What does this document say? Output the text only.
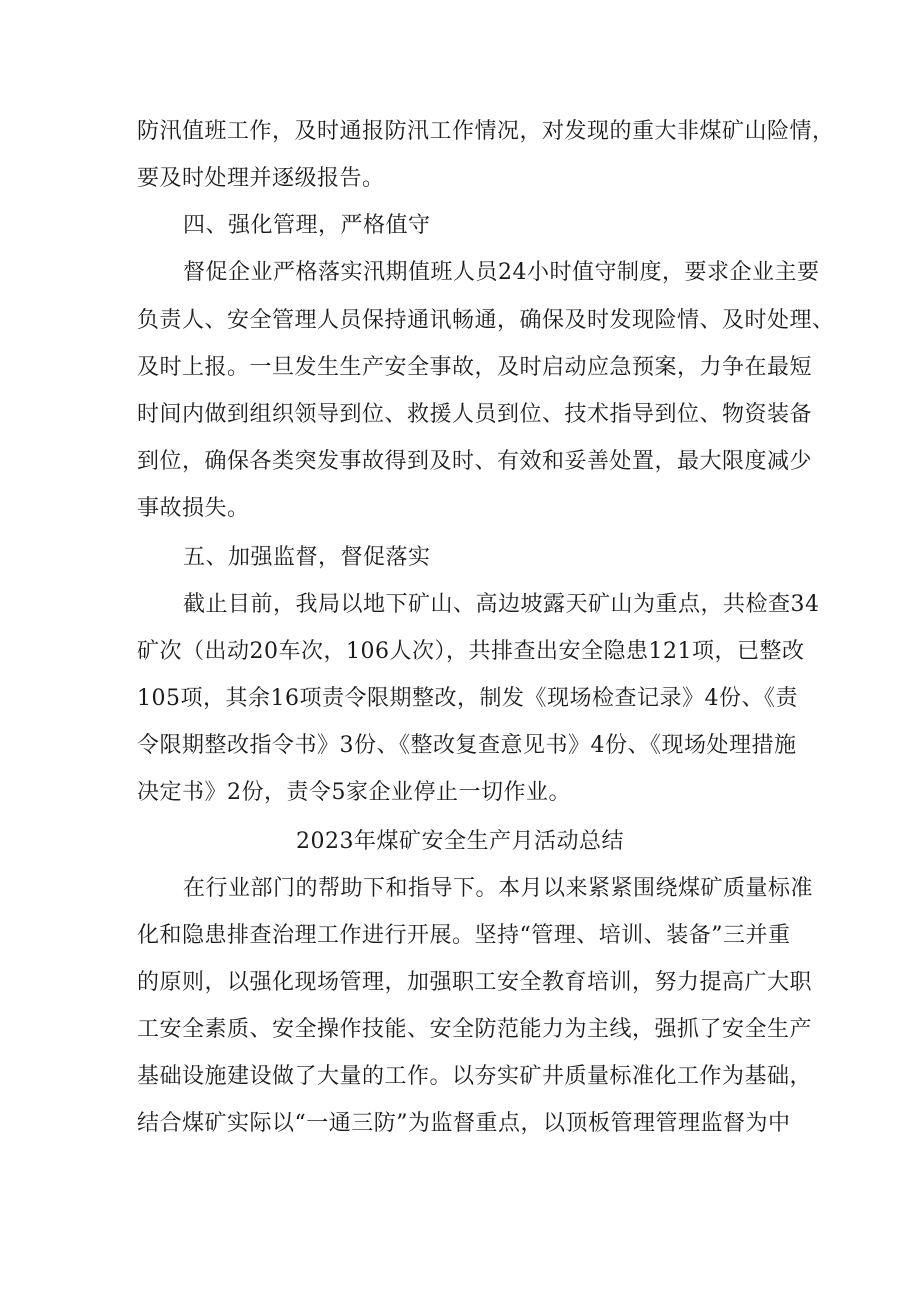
防汛值班工作，及时通报防汛工作情况，对发现的重大非煤矿山险情，
要及时处理并逐级报告。
四、强化管理，严格值守
督促企业严格落实汛期值班人员24小时值守制度，要求企业主要
负责人、安全管理人员保持通讯畅通，确保及时发现险情、及时处理、
及时上报。一旦发生生产安全事故，及时启动应急预案，力争在最短
时间内做到组织领导到位、救援人员到位、技术指导到位、物资装备
到位，确保各类突发事故得到及时、有效和妥善处置，最大限度减少
事故损失。
五、加强监督，督促落实
截止目前，我局以地下矿山、高边坡露天矿山为重点，共检查34
矿次（出动20车次，106人次），共排查出安全隐患121项，已整改
105项，其余16项责令限期整改，制发《现场检查记录》4份、《责
令限期整改指令书》3份、《整改复查意见书》4份、《现场处理措施
决定书》2份，责令5家企业停止一切作业。
2023年煤矿安全生产月活动总结
在行业部门的帮助下和指导下。本月以来紧紧围绕煤矿质量标准
化和隐患排查治理工作进行开展。坚持“管理、培训、装备”三并重
的原则，以强化现场管理，加强职工安全教育培训，努力提高广大职
工安全素质、安全操作技能、安全防范能力为主线，强抓了安全生产
基础设施建设做了大量的工作。以夯实矿井质量标准化工作为基础，
结合煤矿实际以“一通三防”为监督重点，以顶板管理管理监督为中
